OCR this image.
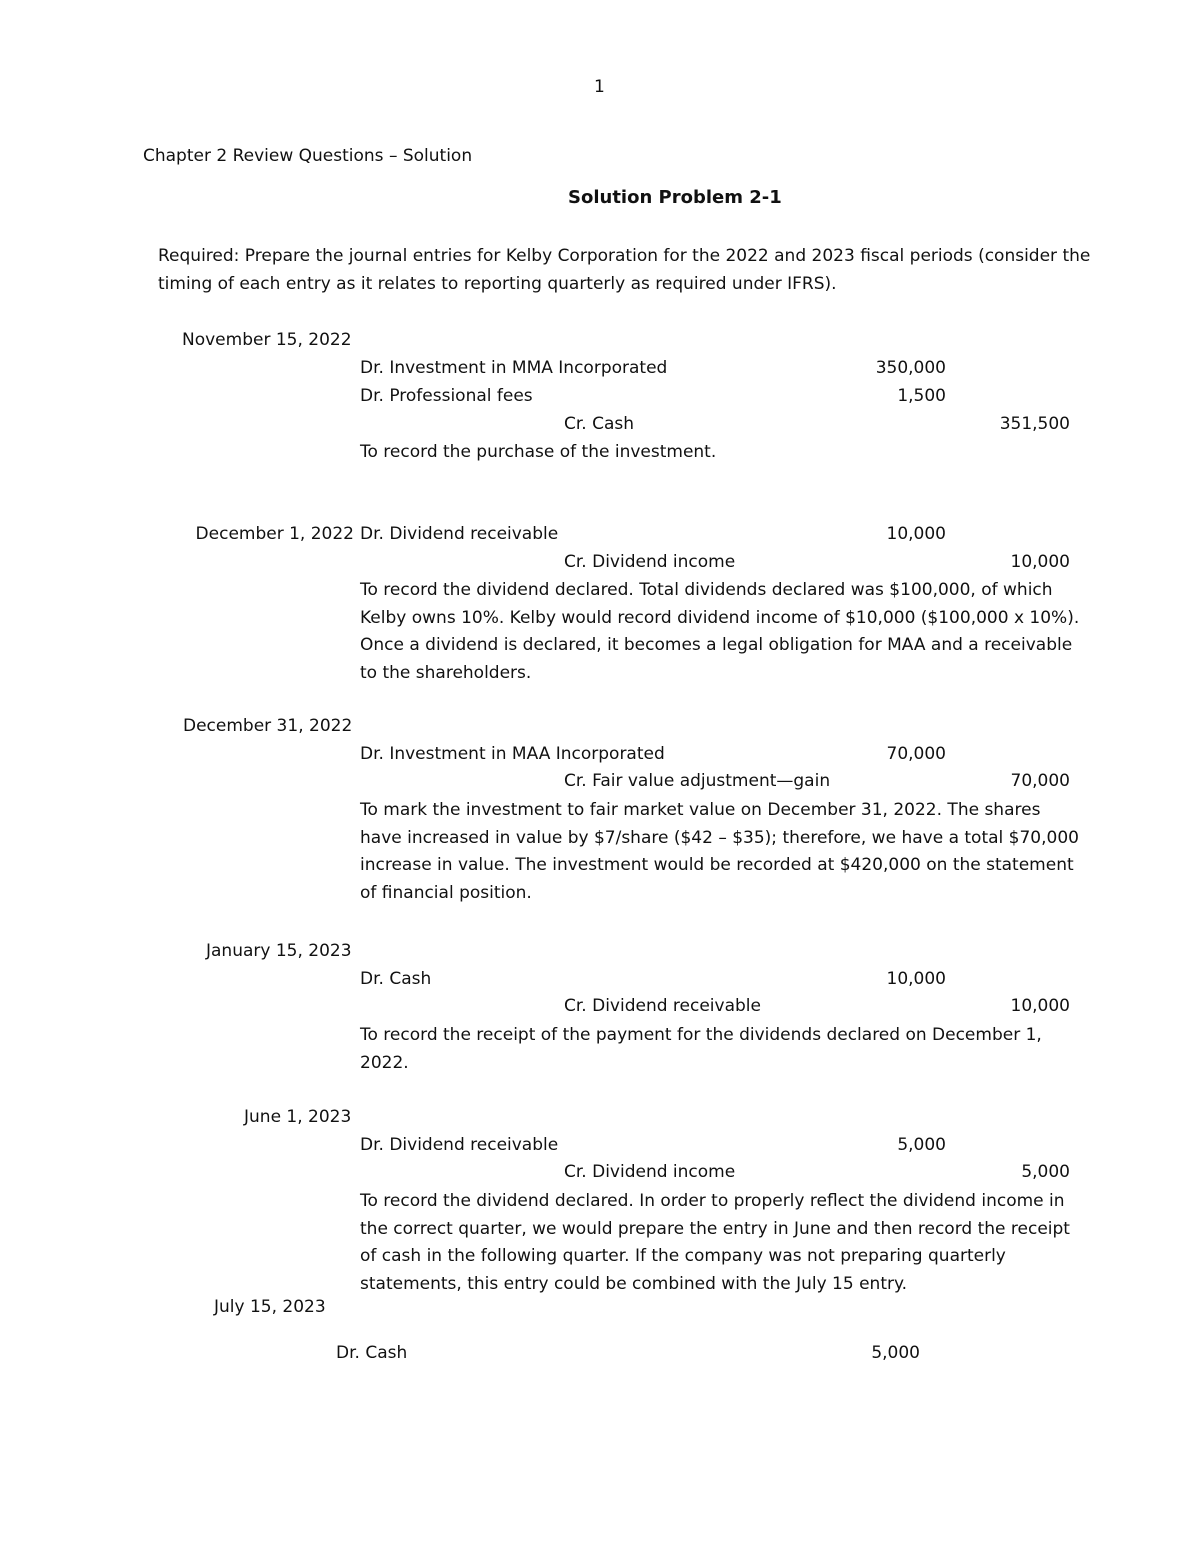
1
Chapter 2 Review Questions – Solution
Solution Problem 2-1
Required: Prepare the journal entries for Kelby Corporation for the 2022 and 2023 fiscal periods (consider the
timing of each entry as it relates to reporting quarterly as required under IFRS).
November 15, 2022
Dr. Investment in MMA Incorporated	350,000
Dr. Professional fees	1,500
Cr. Cash	351,500
To record the purchase of the investment.
December 1, 2022 Dr. Dividend receivable	10,000
Cr. Dividend income	10,000
To record the dividend declared. Total dividends declared was $100,000, of which Kelby owns 10%. Kelby would record dividend income of $10,000 ($100,000 x 10%). Once a dividend is declared, it becomes a legal obligation for MAA and a receivable to the shareholders.
December 31, 2022
Dr. Investment in MAA Incorporated	70,000
Cr. Fair value adjustment—gain	70,000
To mark the investment to fair market value on December 31, 2022. The shares have increased in value by $7/share ($42 – $35); therefore, we have a total $70,000 increase in value. The investment would be recorded at $420,000 on the statement of financial position.
January 15, 2023
Dr. Cash	10,000
Cr. Dividend receivable	10,000
To record the receipt of the payment for the dividends declared on December 1, 2022.
June 1, 2023
Dr. Dividend receivable	5,000
Cr. Dividend income	5,000
To record the dividend declared. In order to properly reflect the dividend income in the correct quarter, we would prepare the entry in June and then record the receipt of cash in the following quarter. If the company was not preparing quarterly statements, this entry could be combined with the July 15 entry.
July 15, 2023
Dr. Cash	5,000
